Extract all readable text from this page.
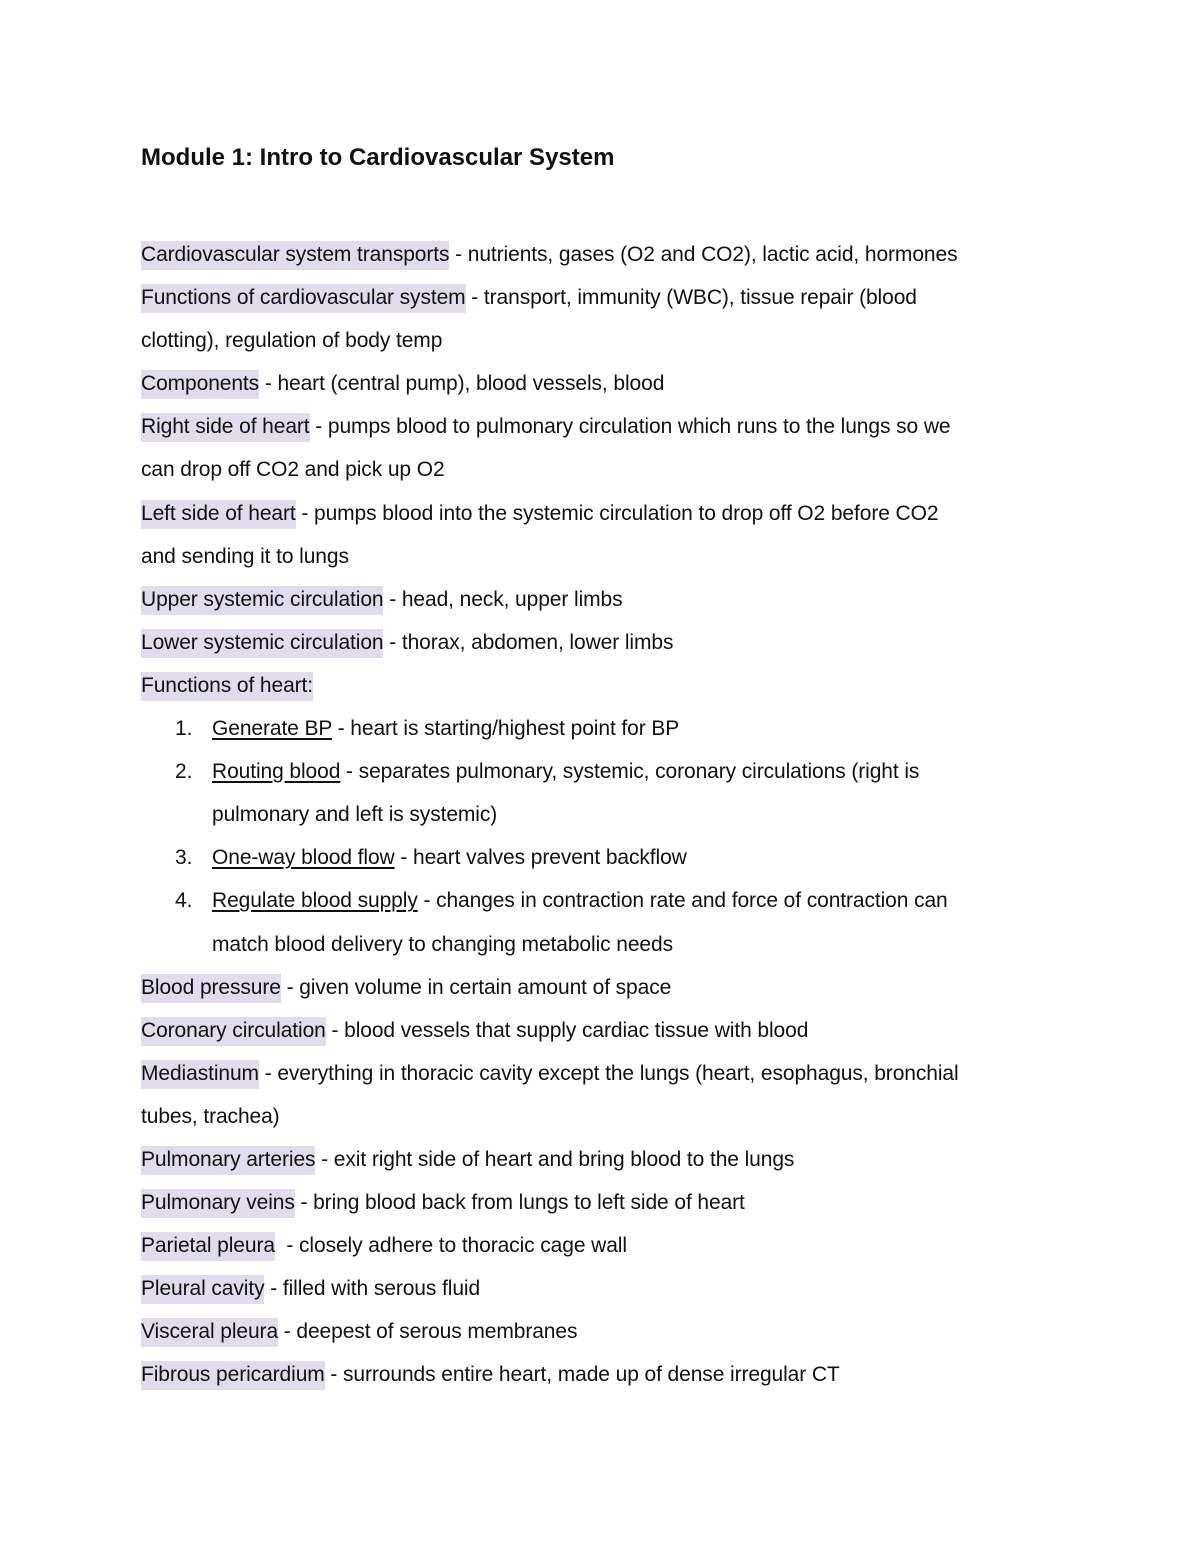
Module 1: Intro to Cardiovascular System
Cardiovascular system transports - nutrients, gases (O2 and CO2), lactic acid, hormones
Functions of cardiovascular system - transport, immunity (WBC), tissue repair (blood
clotting), regulation of body temp
Components - heart (central pump), blood vessels, blood
Right side of heart - pumps blood to pulmonary circulation which runs to the lungs so we
can drop off CO2 and pick up O2
Left side of heart - pumps blood into the systemic circulation to drop off O2 before CO2
and sending it to lungs
Upper systemic circulation - head, neck, upper limbs
Lower systemic circulation - thorax, abdomen, lower limbs
Functions of heart:
1. Generate BP - heart is starting/highest point for BP
2. Routing blood - separates pulmonary, systemic, coronary circulations (right is
pulmonary and left is systemic)
3. One-way blood flow - heart valves prevent backflow
4. Regulate blood supply - changes in contraction rate and force of contraction can
match blood delivery to changing metabolic needs
Blood pressure - given volume in certain amount of space
Coronary circulation - blood vessels that supply cardiac tissue with blood
Mediastinum - everything in thoracic cavity except the lungs (heart, esophagus, bronchial
tubes, trachea)
Pulmonary arteries - exit right side of heart and bring blood to the lungs
Pulmonary veins - bring blood back from lungs to left side of heart
Parietal pleura  - closely adhere to thoracic cage wall
Pleural cavity - filled with serous fluid
Visceral pleura - deepest of serous membranes
Fibrous pericardium - surrounds entire heart, made up of dense irregular CT
